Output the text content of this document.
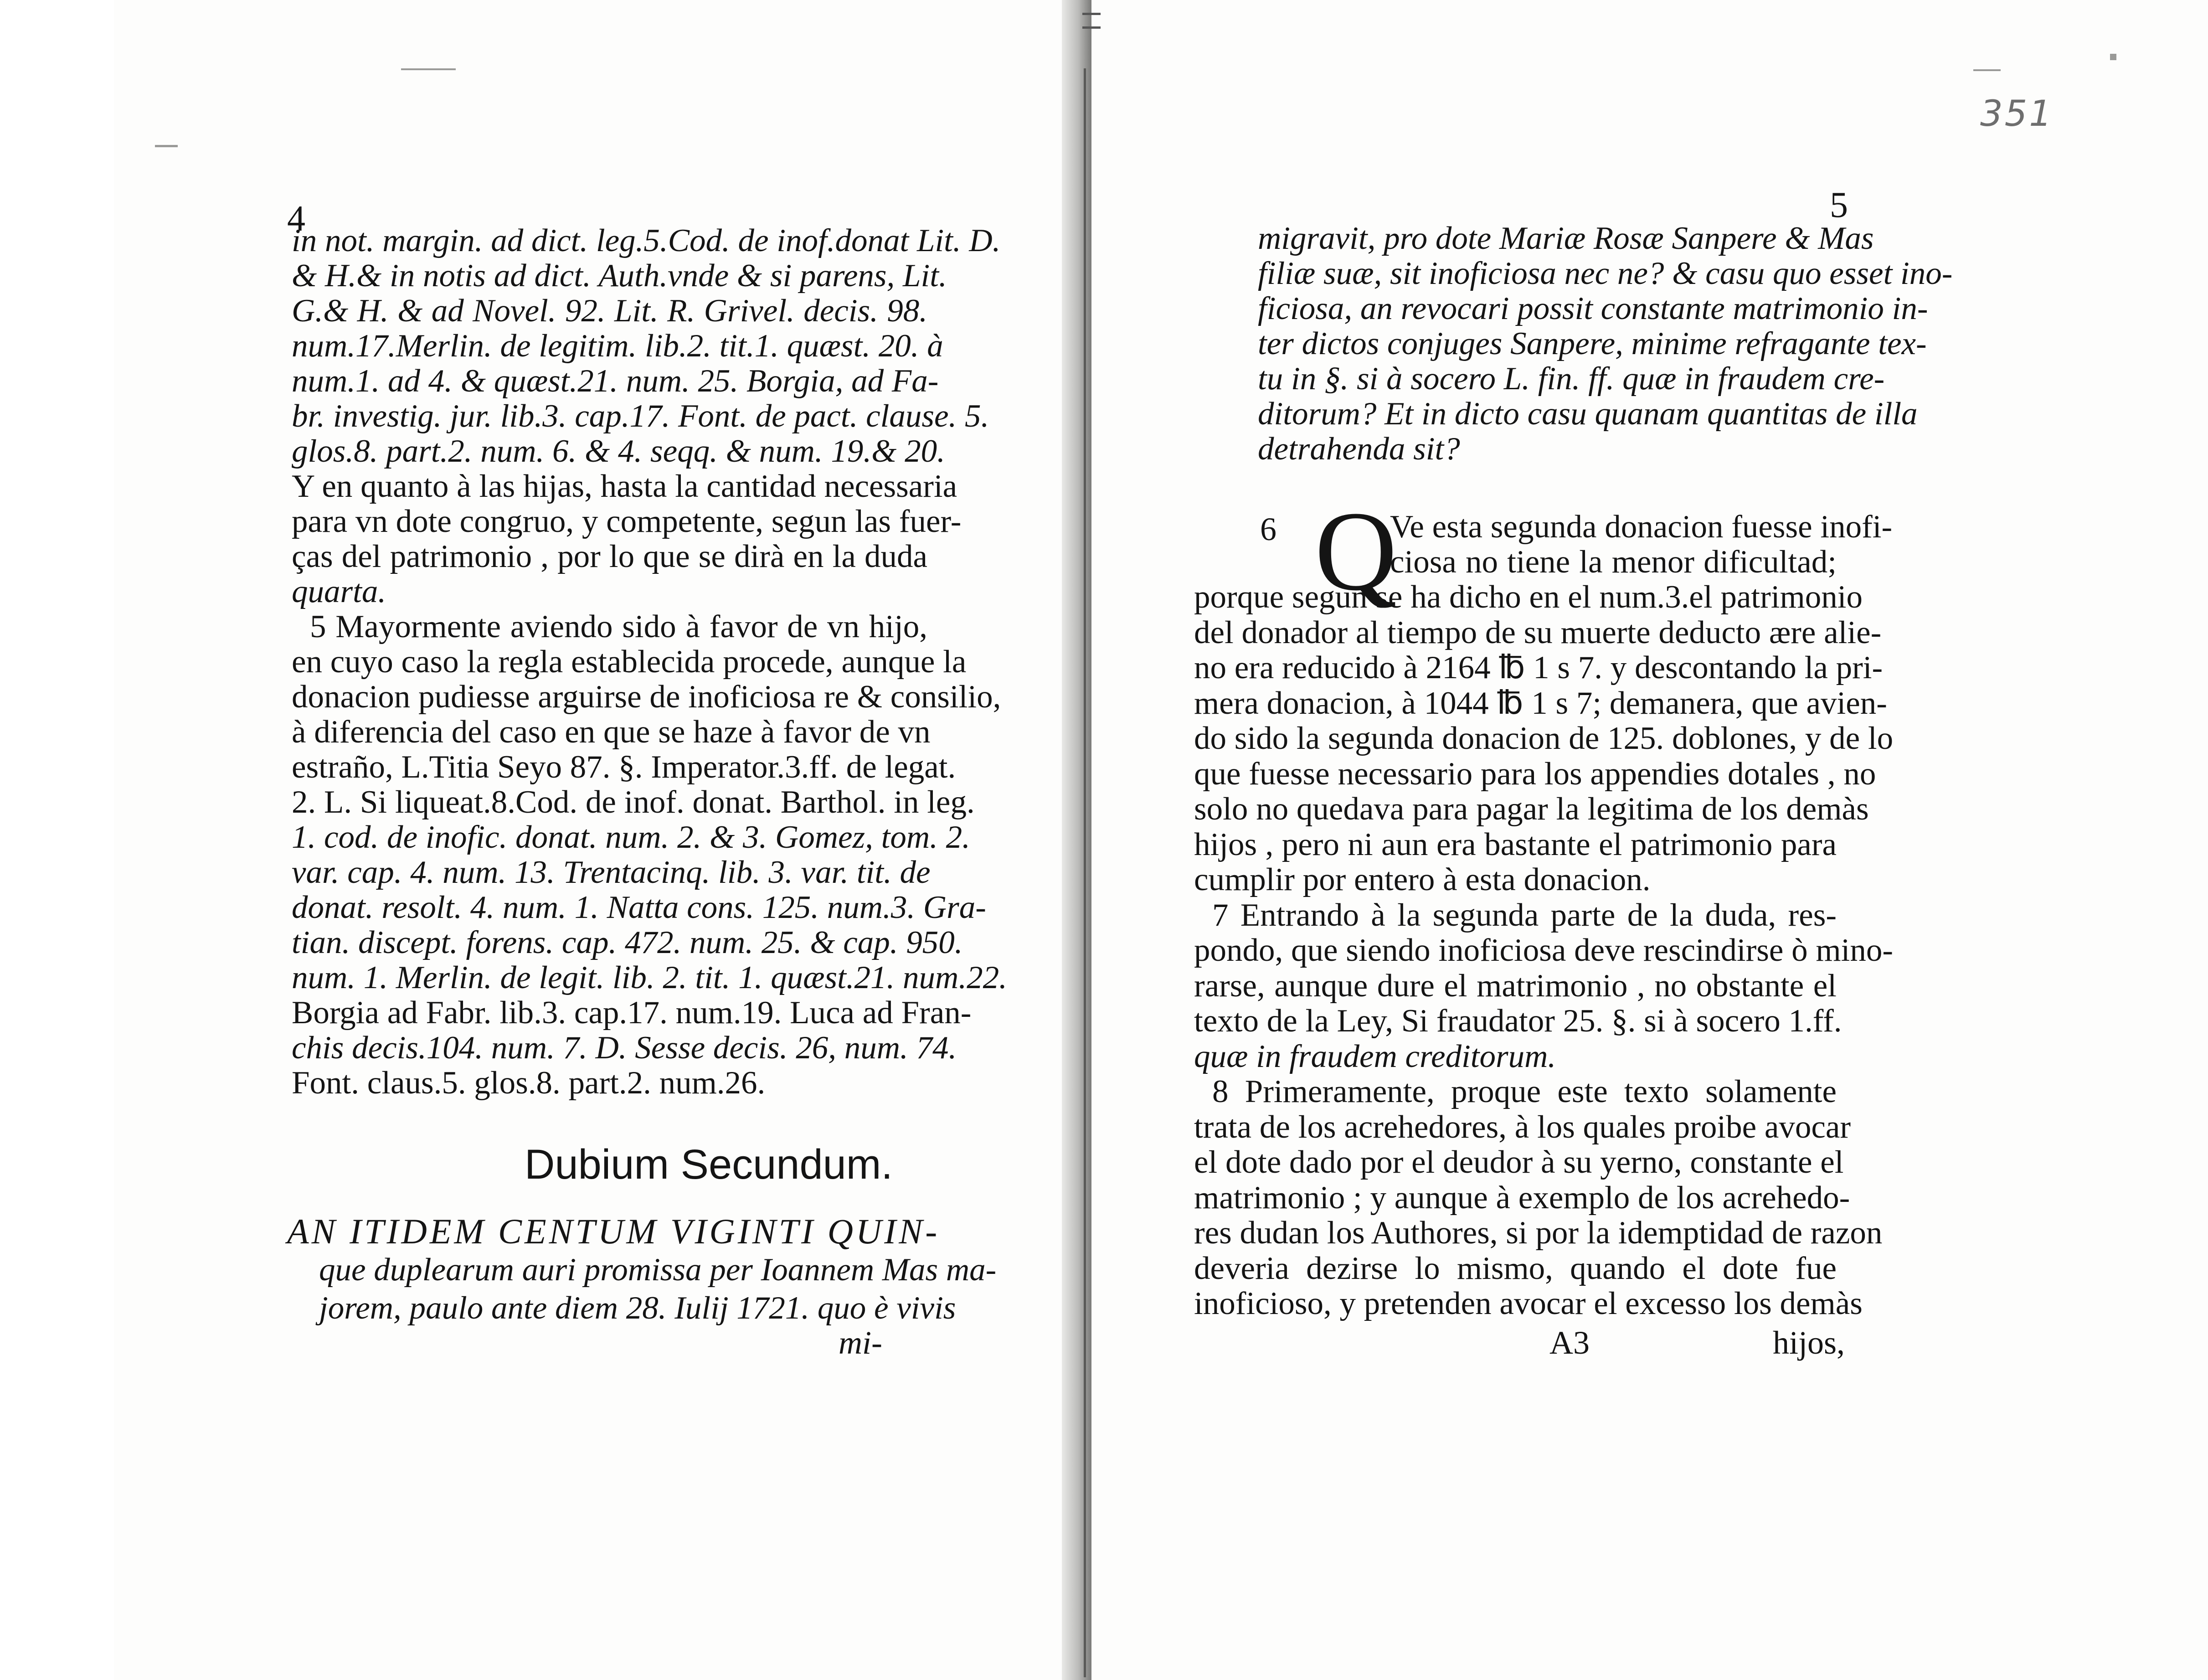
4
in not. margin. ad dict. leg.5.Cod. de inof.donat Lit. D.
& H.& in notis ad dict. Auth.vnde & si parens, Lit.
G.& H. & ad Novel. 92. Lit. R. Grivel. decis. 98.
num.17.Merlin. de legitim. lib.2. tit.1. quæst. 20. à
num.1. ad 4. & quæst.21. num. 25. Borgia, ad Fa-
br. investig. jur. lib.3. cap.17. Font. de pact. clause. 5.
glos.8. part.2. num. 6. & 4. seqq. & num. 19.& 20.
Y en quanto à las hijas, hasta la cantidad necessaria
para vn dote congruo, y competente, segun las fuer-
ças del patrimonio , por lo que se dirà en la duda
quarta.
5 Mayormente aviendo sido à favor de vn hijo,
en cuyo caso la regla establecida procede, aunque la
donacion pudiesse arguirse de inoficiosa re & consilio,
à diferencia del caso en que se haze à favor de vn
estraño, L.Titia Seyo 87. §. Imperator.3.ff. de legat.
2. L. Si liqueat.8.Cod. de inof. donat. Barthol. in leg.
1. cod. de inofic. donat. num. 2. & 3. Gomez, tom. 2.
var. cap. 4. num. 13. Trentacinq. lib. 3. var. tit. de
donat. resolt. 4. num. 1. Natta cons. 125. num.3. Gra-
tian. discept. forens. cap. 472. num. 25. & cap. 950.
num. 1. Merlin. de legit. lib. 2. tit. 1. quæst.21. num.22.
Borgia ad Fabr. lib.3. cap.17. num.19. Luca ad Fran-
chis decis.104. num. 7. D. Sesse decis. 26, num. 74.
Font. claus.5. glos.8. part.2. num.26.
Dubium Secundum.
AN ITIDEM CENTUM VIGINTI QUIN-
que duplearum auri promissa per Ioannem Mas ma-
jorem, paulo ante diem 28. Iulij 1721. quo è vivis
mi-
351
5
migravit, pro dote Mariæ Rosæ Sanpere & Mas
filiæ suæ, sit inoficiosa nec ne? & casu quo esset ino-
ficiosa, an revocari possit constante matrimonio in-
ter dictos conjuges Sanpere, minime refragante tex-
tu in §. si à socero L. fin. ff. quæ in fraudem cre-
ditorum? Et in dicto casu quanam quantitas de illa
detrahenda sit?
6 Q
Ve esta segunda donacion fuesse inofi-
ciosa no tiene la menor dificultad;
porque segun se ha dicho en el num.3.el patrimonio
del donador al tiempo de su muerte deducto ære alie-
no era reducido à 2164 ℔ 1 s 7. y descontando la pri-
mera donacion, à 1044 ℔ 1 s 7; demanera, que avien-
do sido la segunda donacion de 125. doblones, y de lo
que fuesse necessario para los appendies dotales , no
solo no quedava para pagar la legitima de los demàs
hijos , pero ni aun era bastante el patrimonio para
cumplir por entero à esta donacion.
7 Entrando à la segunda parte de la duda, res-
pondo, que siendo inoficiosa deve rescindirse ò mino-
rarse, aunque dure el matrimonio , no obstante el
texto de la Ley, Si fraudator 25. §. si à socero 1.ff.
quæ in fraudem creditorum.
8 Primeramente, proque este texto solamente
trata de los acrehedores, à los quales proibe avocar
el dote dado por el deudor à su yerno, constante el
matrimonio ; y aunque à exemplo de los acrehedo-
res dudan los Authores, si por la idemptidad de razon
deveria dezirse lo mismo, quando el dote fue
inoficioso, y pretenden avocar el excesso los demàs
A3	hijos,
